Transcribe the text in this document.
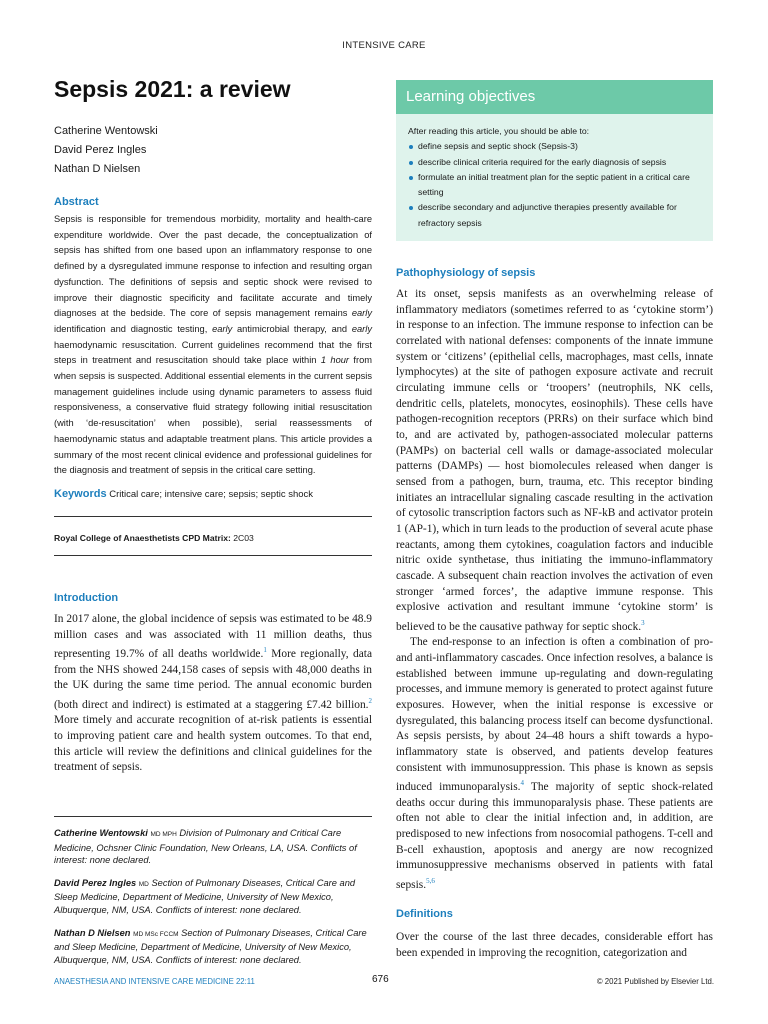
INTENSIVE CARE
Sepsis 2021: a review
Catherine Wentowski
David Perez Ingles
Nathan D Nielsen
Abstract

Sepsis is responsible for tremendous morbidity, mortality and health-care expenditure worldwide. Over the past decade, the conceptualization of sepsis has shifted from one based upon an inflammatory response to one defined by a dysregulated immune response to infection and resulting organ dysfunction. The definitions of sepsis and septic shock were revised to improve their diagnostic specificity and facilitate accurate and timely diagnoses at the bedside. The core of sepsis management remains early identification and diagnostic testing, early antimicrobial therapy, and early haemodynamic resuscitation. Current guidelines recommend that the first steps in treatment and resuscitation should take place within 1 hour from when sepsis is suspected. Additional essential elements in the current sepsis management guidelines include using dynamic parameters to assess fluid responsiveness, a conservative fluid strategy following initial resuscitation (with ‘de-resuscitation’ when possible), serial reassessments of haemodynamic status and adaptable treatment plans. This article provides a summary of the most recent clinical evidence and professional guidelines for the diagnosis and treatment of sepsis in the critical care setting.

Keywords Critical care; intensive care; sepsis; septic shock
Royal College of Anaesthetists CPD Matrix: 2C03
Introduction

In 2017 alone, the global incidence of sepsis was estimated to be 48.9 million cases and was associated with 11 million deaths, thus representing 19.7% of all deaths worldwide.$^1$ More regionally, data from the NHS showed 244,158 cases of sepsis with 48,000 deaths in the UK during the same time period. The annual economic burden (both direct and indirect) is estimated at a staggering £7.42 billion.$^2$ More timely and accurate recognition of at-risk patients is essential to improving patient care and health system outcomes. To that end, this article will review the definitions and clinical guidelines for the treatment of sepsis.

Catherine Wentowski MD MPH Division of Pulmonary and Critical Care Medicine, Ochsner Clinic Foundation, New Orleans, LA, USA. Conflicts of interest: none declared.

David Perez Ingles MD Section of Pulmonary Diseases, Critical Care and Sleep Medicine, Department of Medicine, University of New Mexico, Albuquerque, NM, USA. Conflicts of interest: none declared.

Nathan D Nielsen MD MSc FCCM Section of Pulmonary Diseases, Critical Care and Sleep Medicine, Department of Medicine, University of New Mexico, Albuquerque, NM, USA. Conflicts of interest: none declared.

Learning objectives
After reading this article, you should be able to:
define sepsis and septic shock (Sepsis-3)
describe clinical criteria required for the early diagnosis of sepsis
formulate an initial treatment plan for the septic patient in a critical care setting
describe secondary and adjunctive therapies presently available for refractory sepsis
Pathophysiology of sepsis

At its onset, sepsis manifests as an overwhelming release of inflammatory mediators (sometimes referred to as ‘cytokine storm’) in response to an infection. The immune response to infection can be correlated with national defenses: components of the innate immune system or ‘citizens’ (epithelial cells, macrophages, mast cells, innate lymphocytes) at the site of pathogen exposure activate and recruit circulating immune cells or ‘troopers’ (neutrophils, NK cells, dendritic cells, platelets, monocytes, eosinophils). These cells have pathogen-recognition receptors (PRRs) on their surface which bind to, and are activated by, pathogen-associated molecular patterns (PAMPs) on bacterial cell walls or damage-associated molecular patterns (DAMPs) — host biomolecules released when danger is sensed from a pathogen, burn, trauma, etc. This receptor binding initiates an intracellular signaling cascade resulting in the activation of cytosolic transcription factors such as NF-kB and activator protein 1 (AP-1), which in turn leads to the production of several acute phase reactants, among them cytokines, coagulation factors and inducible nitric oxide synthetase, thus initiating the immuno-inflammatory cascade. A subsequent chain reaction involves the activation of even stronger ‘armed forces’, the adaptive immune response. This explosive activation and resultant immune ‘cytokine storm’ is believed to be the causative pathway for septic shock.$^3$

The end-response to an infection is often a combination of pro- and anti-inflammatory cascades. Once infection resolves, a balance is established between immune up-regulating and down-regulating processes, and immune memory is generated to protect against future exposures. However, when the initial response is excessive or dysregulated, this balancing process itself can become dysfunctional. As sepsis persists, by about 24–48 hours a shift towards a hypo-inflammatory state is observed, and patients develop features consistent with immunosuppression. This phase is known as sepsis induced immunoparalysis.$^4$ The majority of septic shock-related deaths occur during this immunoparalysis phase. These patients are often not able to clear the initial infection and, in addition, are predisposed to new infections from nosocomial pathogens. T-cell and B-cell exhaustion, apoptosis and anergy are now recognized immunosuppressive mechanisms observed in patients with fatal sepsis.$^{5,6}$

Definitions

Over the course of the last three decades, considerable effort has been expended in improving the recognition, categorization and

ANAESTHESIA AND INTENSIVE CARE MEDICINE 22:11	676	© 2021 Published by Elsevier Ltd.
